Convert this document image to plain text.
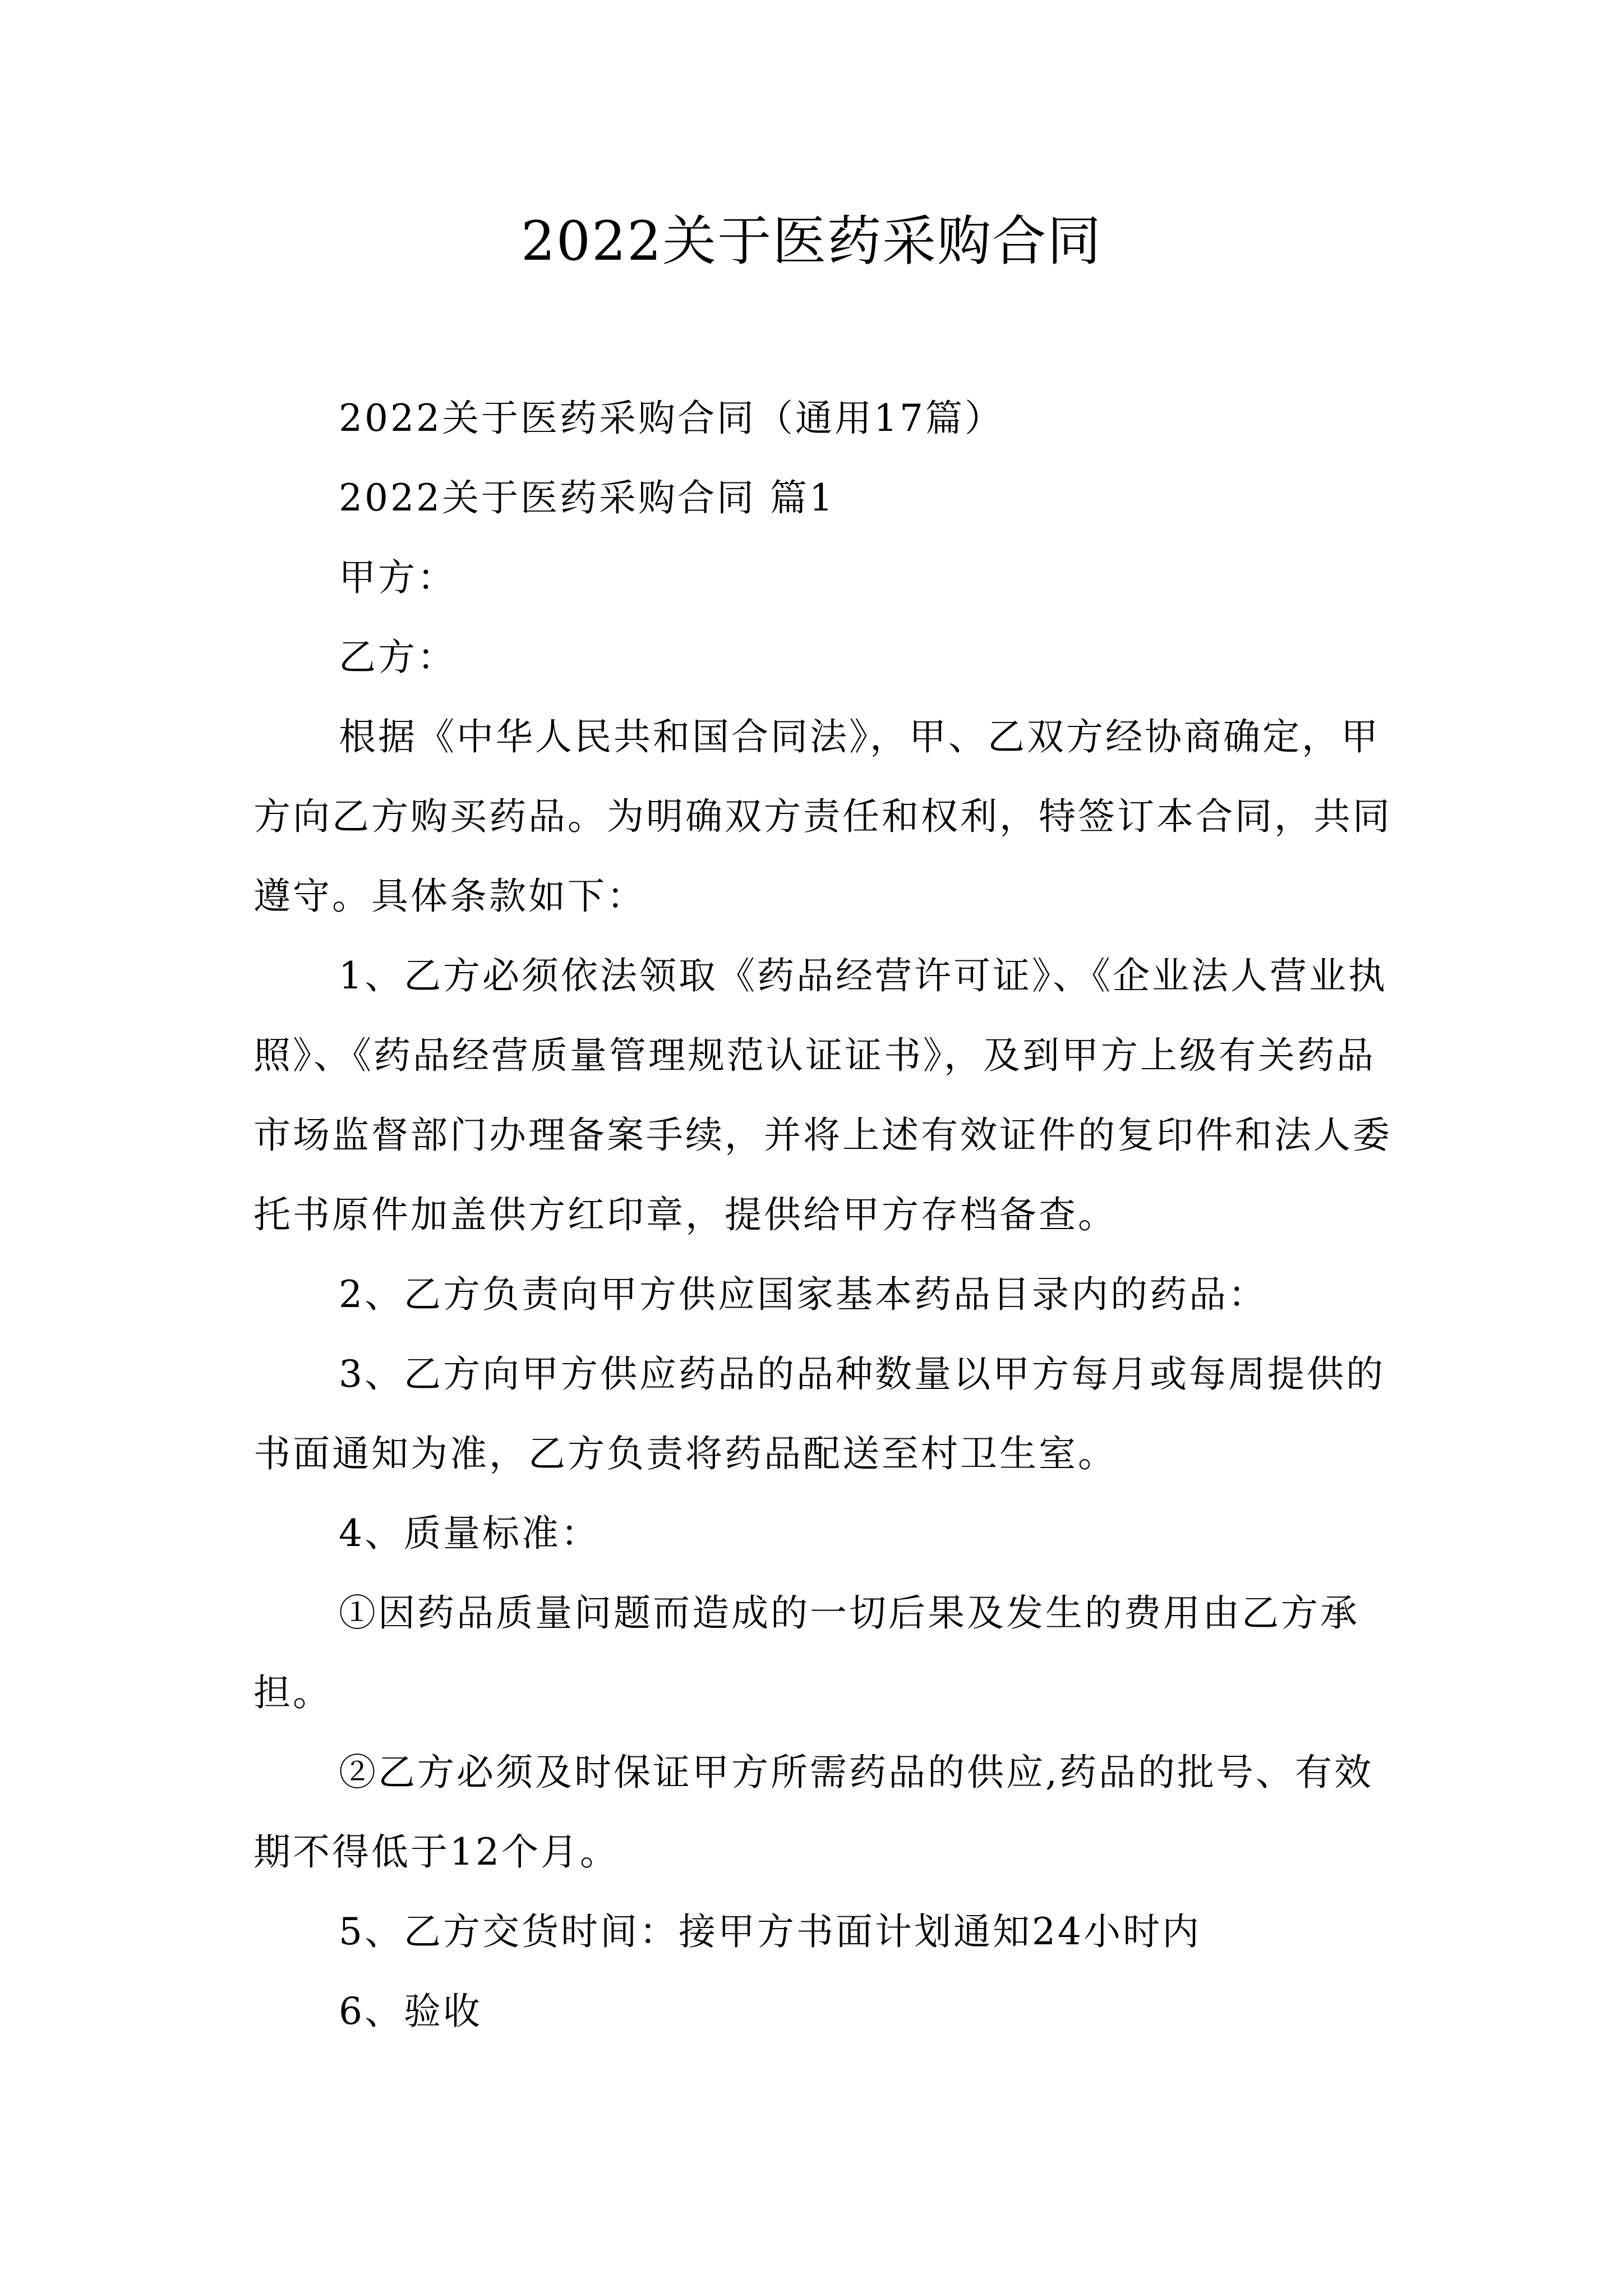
2022关于医药采购合同

2022关于医药采购合同（通用17篇）

2022关于医药采购合同 篇1

甲方：

乙方：

根据《中华人民共和国合同法》，甲、乙双方经协商确定，甲方向乙方购买药品。为明确双方责任和权利，特签订本合同，共同遵守。具体条款如下：

1、乙方必须依法领取《药品经营许可证》、《企业法人营业执照》、《药品经营质量管理规范认证证书》，及到甲方上级有关药品市场监督部门办理备案手续，并将上述有效证件的复印件和法人委托书原件加盖供方红印章，提供给甲方存档备查。

2、乙方负责向甲方供应国家基本药品目录内的药品：

3、乙方向甲方供应药品的品种数量以甲方每月或每周提供的书面通知为准，乙方负责将药品配送至村卫生室。

4、质量标准：

①因药品质量问题而造成的一切后果及发生的费用由乙方承担。

②乙方必须及时保证甲方所需药品的供应,药品的批号、有效期不得低于12个月。

5、乙方交货时间：接甲方书面计划通知24小时内

6、验收
